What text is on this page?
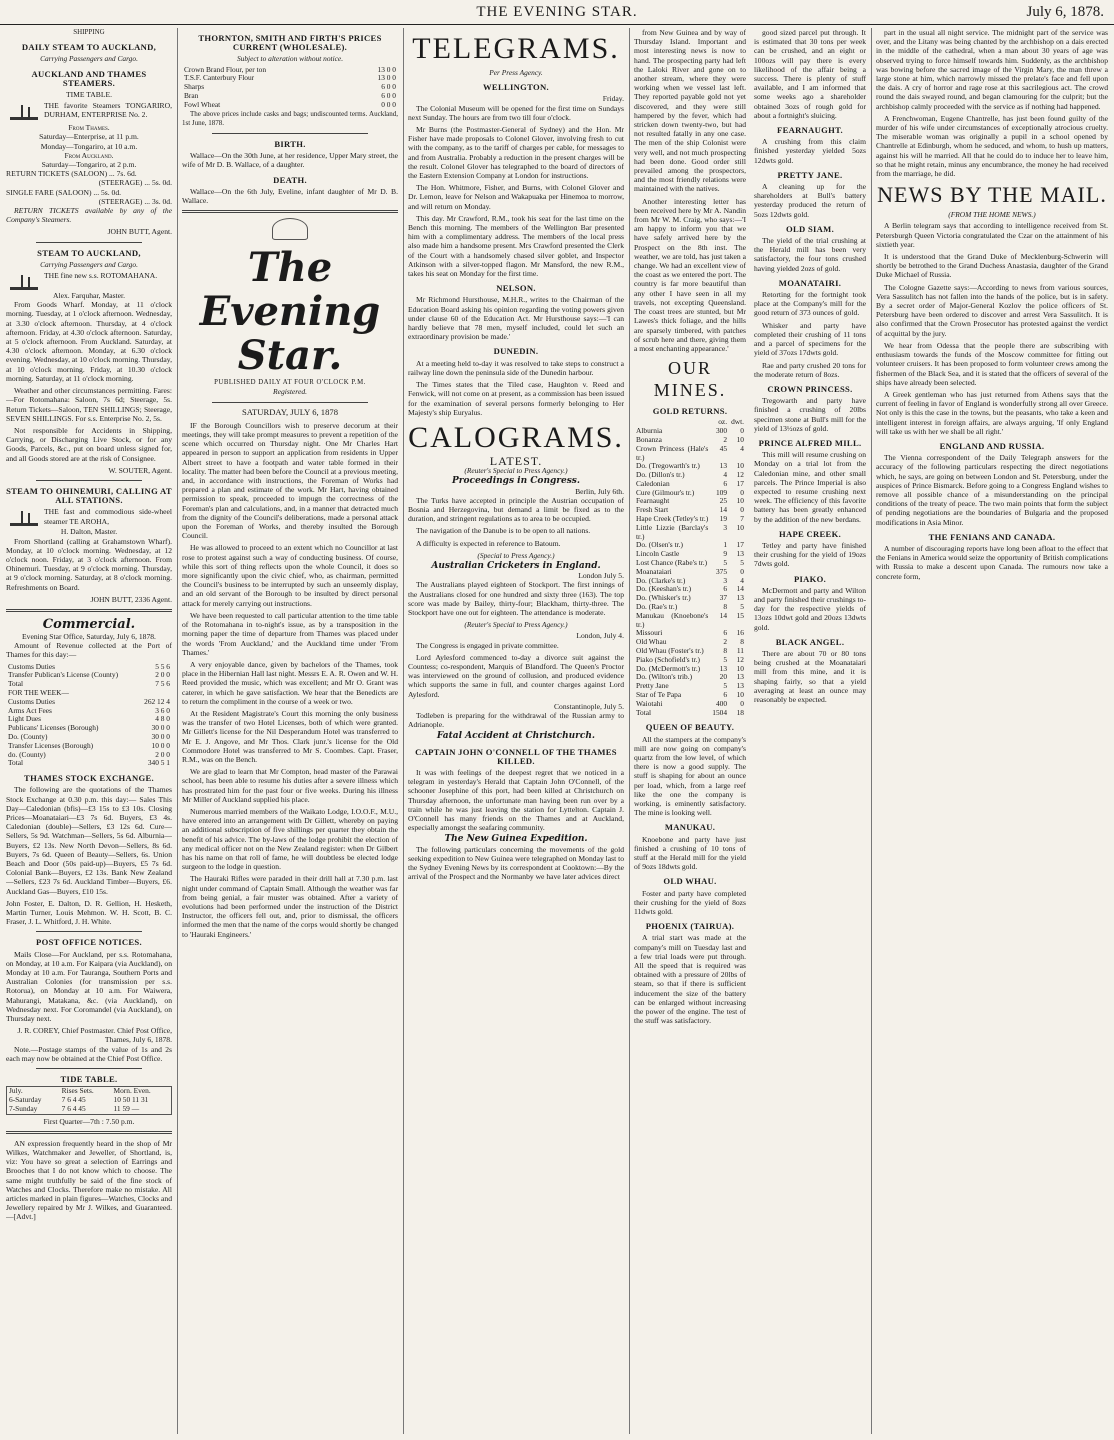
THE EVENING STAR.	July 6, 1878.
SHIPPING
DAILY STEAM TO AUCKLAND,
Carrying Passengers and Cargo.
AUCKLAND AND THAMES STEAMERS.
TIME TABLE.
THE favorite Steamers TONGARIRO, DURHAM, ENTERPRISE No. 2.
From Thames.
Saturday—Enterprise, at 11 p.m.
Monday—Tongariro, at 10 a.m.
From Auckland.
Saturday—Tongariro, at 2 p.m.
RETURN TICKETS (SALOON) ... 7s. 6d.
(STEERAGE) ... 5s. 0d.
SINGLE FARE (SALOON) ... 5s. 0d.
(STEERAGE) ... 3s. 0d.

RETURN TICKETS available by any of the Company's Steamers.

JOHN BUTT, Agent.
STEAM TO AUCKLAND,
Carrying Passengers and Cargo.
THE fine new s.s. ROTOMAHANA.
Alex. Farquhar, Master.

From Goods Wharf. Monday, at 11 o'clock morning. Tuesday, at 1 o'clock afternoon. Wednesday, at 3.30 o'clock afternoon. Thursday, at 4 o'clock afternoon. Friday, at 4.30 o'clock afternoon. Saturday, at 5 o'clock afternoon. From Auckland. Saturday, at 4.30 o'clock afternoon. Monday, at 6.30 o'clock evening. Wednesday, at 10 o'clock morning. Thursday, at 10 o'clock morning. Friday, at 10.30 o'clock morning. Saturday, at 11 o'clock morning.

Weather and other circumstances permitting. Fares:—For Rotomahana: Saloon, 7s 6d; Steerage, 5s. Return Tickets—Saloon, TEN SHILLINGS; Steerage, SEVEN SHILLINGS. For s.s. Enterprise No. 2, 5s.

Not responsible for Accidents in Shipping, Carrying, or Discharging Live Stock, or for any Goods, Parcels, &c., put on board unless signed for, and all Goods stored are at the risk of Consignee.

W. SOUTER, Agent.
STEAM TO OHINEMURI, CALLING AT ALL STATIONS.
THE fast and commodious side-wheel steamer TE AROHA,
H. Dalton, Master.

From Shortland (calling at Grahamstown Wharf). Monday, at 10 o'clock morning. Wednesday, at 12 o'clock noon. Friday, at 3 o'clock afternoon. From Ohinemuri. Tuesday, at 9 o'clock morning. Thursday, at 9 o'clock morning. Saturday, at 8 o'clock morning. Refreshments on Board.

JOHN BUTT, 2336 Agent.
Commercial.
Evening Star Office, Saturday, July 6, 1878.

Amount of Revenue collected at the Port of Thames for this day:—

Customs Duties	5 5 6
Transfer Publican's License (County)	2 0 0
Total	7 5 6
FOR THE WEEK—	
Customs Duties	262 12 4
Arms Act Fees	3 6 0
Light Dues	4 8 0
Publicans' Licenses (Borough)	30 0 0
Do. (County)	30 0 0
Transfer Licenses (Borough)	10 0 0
do. (County)	2 0 0
Total	340 5 1
THAMES STOCK EXCHANGE.

The following are the quotations of the Thames Stock Exchange at 0.30 p.m. this day:— Sales This Day—Caledonian (bfis)—£3 15s to £3 10s. Closing Prices—Moanataiari—£3 7s 6d. Buyers, £3 4s. Caledonian (double)—Sellers, £3 12s 6d. Cure—Sellers, 5s 9d. Watchman—Sellers, 5s 6d. Alburnia—Buyers, £2 13s. New North Devon—Sellers, 8s 6d. Buyers, 7s 6d. Queen of Beauty—Sellers, 6s. Union Beach and Door (50s paid-up)—Buyers, £5 7s 6d. Colonial Bank—Buyers, £2 13s. Bank New Zealand—Sellers, £23 7s 6d. Auckland Timber—Buyers, £6. Auckland Gas—Buyers, £10 15s.

John Foster, E. Dalton, D. R. Gellion, H. Hesketh, Martin Turner, Louis Mehmon. W. H. Scott, B. C. Fraser, J. L. Whitford, J. H. White.

POST OFFICE NOTICES.

Mails Close—For Auckland, per s.s. Rotomahana, on Monday, at 10 a.m. For Kaipara (via Auckland), on Monday at 10 a.m. For Tauranga, Southern Ports and Australian Colonies (for transmission per s.s. Rotorua), on Monday at 10 a.m. For Waiwera, Mahurangi, Matakana, &c. (via Auckland), on Wednesday next. For Coromandel (via Auckland), on Thursday next.

J. R. COREY, Chief Postmaster. Chief Post Office, Thames, July 6, 1878.

Note.—Postage stamps of the value of 1s and 2s each may now be obtained at the Chief Post Office.

TIDE TABLE.
July.	Rises Sets.	Morn. Even.
6-Saturday	7 6 4 45	10 50 11 31
7-Sunday	7 6 4 45	11 59 —
First Quarter—7th : 7.50 p.m.

AN expression frequently heard in the shop of Mr Wilkes, Watchmaker and Jeweller, of Shortland, is, viz: You have so great a selection of Earrings and Brooches that I do not know which to choose. The same might truthfully be said of the fine stock of Watches and Clocks. Therefore make no mistake. All articles marked in plain figures—Watches, Clocks and Jewellery repaired by Mr J. Wilkes, and Guaranteed.—[Advt.]

THORNTON, SMITH AND FIRTH'S PRICES CURRENT (WHOLESALE).
Subject to alteration without notice.
Crown Brand Flour, per ton	13 0 0
T.S.F. Canterbury Flour	13 0 0
Sharps	6 0 0
Bran	6 0 0
Fowl Wheat	0 0 0

The above prices include casks and bags; undiscounted terms. Auckland, 1st June, 1878.

BIRTH.

Wallace—On the 30th June, at her residence, Upper Mary street, the wife of Mr D. B. Wallace, of a daughter.

DEATH.

Wallace—On the 6th July, Eveline, infant daughter of Mr D. B. Wallace.

The Evening Star.
PUBLISHED DAILY AT FOUR O'CLOCK P.M.
Registered.
SATURDAY, JULY 6, 1878

IF the Borough Councillors wish to preserve decorum at their meetings, they will take prompt measures to prevent a repetition of the scene which occurred on Thursday night. One Mr Charles Hart appeared in person to support an application from residents in Upper Albert street to have a footpath and water table formed in their locality. The matter had been before the Council at a previous meeting, and, in accordance with instructions, the Foreman of Works had prepared a plan and estimate of the work. Mr Hart, having obtained permission to speak, proceeded to impugn the correctness of the Foreman's plan and calculations, and, in a manner that detracted much from the dignity of the Council's deliberations, made a personal attack upon the Foreman of Works, and thereby insulted the Borough Council.

He was allowed to proceed to an extent which no Councillor at last rose to protest against such a way of conducting business. Of course, while this sort of thing reflects upon the whole Council, it does so more significantly upon the civic chief, who, as chairman, permitted the Council's business to be interrupted by such an unseemly display, and an old servant of the Borough to be insulted by direct personal attack for merely carrying out instructions.

We have been requested to call particular attention to the time table of the Rotomahana in to-night's issue, as by a transposition in the morning paper the time of departure from Thames was placed under the words 'From Auckland,' and the Auckland time under 'From Thames.'

A very enjoyable dance, given by bachelors of the Thames, took place in the Hibernian Hall last night. Messrs E. A. R. Owen and W. H. Reed provided the music, which was excellent; and Mr O. Grant was caterer, in which he gave satisfaction. We hear that the Benedicts are to return the compliment in the course of a week or two.

At the Resident Magistrate's Court this morning the only business was the transfer of two Hotel Licenses, both of which were granted. Mr Gillett's license for the Nil Desperandum Hotel was transferred to Mr E. J. Angove, and Mr Thos. Clark junr.'s license for the Old Commodore Hotel was transferred to Mr S. Coombes. Capt. Fraser, R.M., was on the Bench.

We are glad to learn that Mr Compton, head master of the Parawai school, has been able to resume his duties after a severe illness which has prostrated him for the past four or five weeks. During his illness Mr Miller of Auckland supplied his place.

Numerous married members of the Waikato Lodge, I.O.O.F., M.U., have entered into an arrangement with Dr Gillett, whereby on paying an additional subscription of five shillings per quarter they obtain the benefit of his advice. The by-laws of the lodge prohibit the election of any medical officer not on the New Zealand register: when Dr Gilbert has his name on that roll of fame, he will doubtless be elected lodge surgeon to the lodge in question.

The Hauraki Rifles were paraded in their drill hall at 7.30 p.m. last night under command of Captain Small. Although the weather was far from being genial, a fair muster was obtained. After a variety of evolutions had been performed under the instruction of the District Instructor, the officers fell out, and, prior to dismissal, the officers informed the men that the name of the corps would shortly be changed to 'Hauraki Engineers.'

TELEGRAMS.
Per Press Agency.
WELLINGTON.
Friday.

The Colonial Museum will be opened for the first time on Sundays next Sunday. The hours are from two till four o'clock.

Mr Burns (the Postmaster-General of Sydney) and the Hon. Mr Fisher have made proposals to Colonel Glover, involving fresh to cut with the company, as to the tariff of charges per cable, for messages to and from Australia. Probably a reduction in the present charges will be the result. Colonel Glover has telegraphed to the board of directors of the Eastern Extension Company at London for instructions.

The Hon. Whitmore, Fisher, and Burns, with Colonel Glover and Dr. Lemon, leave for Nelson and Wakapuaka per Hinemoa to morrow, and will return on Monday.

This day. Mr Crawford, R.M., took his seat for the last time on the Bench this morning. The members of the Wellington Bar presented him with a complimentary address. The members of the local press also made him a handsome present. Mrs Crawford presented the Clerk of the Court with a handsomely chased silver goblet, and Inspector Atkinson with a silver-topped flagon. Mr Mansford, the new R.M., takes his seat on Monday for the first time.

NELSON.

Mr Richmond Hursthouse, M.H.R., writes to the Chairman of the Education Board asking his opinion regarding the voting powers given under clause 60 of the Education Act. Mr Hursthouse says:—'I can hardly believe that 78 men, myself included, could let such an extraordinary provision be made.'

DUNEDIN.

At a meeting held to-day it was resolved to take steps to construct a railway line down the peninsula side of the Dunedin harbour.

The Times states that the Tiled case, Haughton v. Reed and Fenwick, will not come on at present, as a commission has been issued for the examination of several persons formerly belonging to Her Majesty's ship Euryalus.

CALOGRAMS.
LATEST.
(Reuter's Special to Press Agency.)
Proceedings in Congress.
Berlin, July 6th.

The Turks have accepted in principle the Austrian occupation of Bosnia and Herzegovina, but demand a limit be fixed as to the duration, and stringent regulations as to area to be occupied.

The navigation of the Danube is to be open to all nations.

A difficulty is expected in reference to Batoum.

(Special to Press Agency.)
Australian Cricketers in England.
London July 5.

The Australians played eighteen of Stockport. The first innings of the Australians closed for one hundred and sixty three (163). The top score was made by Bailey, thirty-four; Blackham, thirty-three. The Stockport have one out for eighteen. The attendance is moderate.

(Reuter's Special to Press Agency.)
London, July 4.

The Congress is engaged in private committee.

Lord Aylesford commenced to-day a divorce suit against the Countess; co-respondent, Marquis of Blandford. The Queen's Proctor was interviewed on the ground of collusion, and produced evidence which supports the same in full, and counter charges against Lord Aylesford.

Constantinople, July 5.

Todleben is preparing for the withdrawal of the Russian army to Adrianople.

Fatal Accident at Christchurch.
CAPTAIN JOHN O'CONNELL OF THE THAMES KILLED.

It was with feelings of the deepest regret that we noticed in a telegram in yesterday's Herald that Captain John O'Connell, of the schooner Josephine of this port, had been killed at Christchurch on Thursday afternoon, the unfortunate man having been run over by a train while he was just leaving the station for Lyttelton. Captain J. O'Connell has many friends on the Thames and at Auckland, especially amongst the seafaring community.

The New Guinea Expedition.

The following particulars concerning the movements of the gold seeking expedition to New Guinea were telegraphed on Monday last to the Sydney Evening News by its correspondent at Cooktown:—By the arrival of the Prospect and the Normanby we have later advices direct

from New Guinea and by way of Thursday Island. Important and most interesting news is now to hand. The prospecting party had left the Laloki River and gone on to another stream, where they were working when we vessel last left. They reported payable gold not yet discovered, and they were still hampered by the fever, which had stricken down twenty-two, but had not resulted fatally in any one case. The men of the ship Colonist were very well, and not much prospecting had been done. Good order still prevailed among the prospectors, and the most friendly relations were maintained with the natives.

Another interesting letter has been received here by Mr A. Nandin from Mr W. M. Craig, who says:—'I am happy to inform you that we have safely arrived here by the Prospect on the 8th inst. The weather, we are told, has just taken a change. We had an excellent view of the coast as we entered the port. The country is far more beautiful than any other I have seen in all my travels, not excepting Queensland. The coast trees are stunted, but Mr Lawes's thick foliage, and the hills are sparsely timbered, with patches of scrub here and there, giving them a most enchanting appearance.'

OUR MINES.
GOLD RETURNS.
	oz.	dwt.
Alburnia	300	0
Bonanza	2	10
Crown Princess (Hale's tr.)	45	4
Do. (Tregowarth's tr.)	13	10
Do. (Dillon's tr.)	4	12
Caledonian	6	17
Cure (Gilmour's tr.)	109	0
Fearnaught	25	10
Fresh Start	14	0
Hape Creek (Tetley's tr.)	19	7
Little Lizzie (Barclay's tr.)	3	10
Do. (Olsen's tr.)	1	17
Lincoln Castle	9	13
Lost Chance (Rabe's tr.)	5	5
Moanataiari	375	0
Do. (Clarke's tr.)	3	4
Do. (Keeshan's tr.)	6	14
Do. (Whisker's tr.)	37	13
Do. (Rae's tr.)	8	5
Manukau (Knoebone's tr.)	14	15
Missouri	6	16
Old Whau	2	8
Old Whau (Foster's tr.)	8	11
Piako (Schofield's tr.)	5	12
Do. (McDermott's tr.)	13	10
Do. (Wilton's trib.)	20	13
Pretty Jane	5	13
Star of Te Papa	6	10
Waiotahi	400	0
Total	1504	18
QUEEN OF BEAUTY.

All the stampers at the company's mill are now going on company's quartz from the low level, of which there is now a good supply. The stuff is shaping for about an ounce per load, which, from a large reef like the one the company is working, is eminently satisfactory. The mine is looking well.

MANUKAU.

Knoebone and party have just finished a crushing of 10 tons of stuff at the Herald mill for the yield of 9ozs 18dwts gold.

OLD WHAU.

Foster and party have completed their crushing for the yield of 8ozs 11dwts gold.

PHOENIX (TAIRUA).

A trial start was made at the company's mill on Tuesday last and a few trial loads were put through. All the speed that is required was obtained with a pressure of 20lbs of steam, so that if there is sufficient inducement the size of the battery can be enlarged without increasing the power of the engine. The test of the stuff was satisfactory.

good sized parcel put through. It is estimated that 30 tons per week can be crushed, and an eight or 100ozs will pay there is every likelihood of the affair being a success. There is plenty of stuff available, and I am informed that some weeks ago a shareholder obtained 3ozs of rough gold for about a fortnight's sluicing.

FEARNAUGHT.

A crushing from this claim finished yesterday yielded 5ozs 12dwts gold.

PRETTY JANE.

A cleaning up for the shareholders at Bull's battery yesterday produced the return of 5ozs 12dwts gold.

OLD SIAM.

The yield of the trial crushing at the Herald mill has been very satisfactory, the four tons crushed having yielded 2ozs of gold.

MOANATAIRI.

Retorting for the fortnight took place at the Company's mill for the good return of 373 ounces of gold.

Whisker and party have completed their crushing of 11 tons and a parcel of specimens for the yield of 37ozs 17dwts gold.

Rae and party crushed 20 tons for the moderate return of 8ozs.

CROWN PRINCESS.

Tregowarth and party have finished a crushing of 20lbs specimen stone at Bull's mill for the yield of 13½ozs of gold.

PRINCE ALFRED MILL.

This mill will resume crushing on Monday on a trial lot from the Caledonian mine, and other small parcels. The Prince Imperial is also expected to resume crushing next week. The efficiency of this favorite battery has been greatly enhanced by the addition of the new berdans.

HAPE CREEK.

Tetley and party have finished their crushing for the yield of 19ozs 7dwts gold.

PIAKO.

McDermott and party and Wilton and party finished their crushings to-day for the respective yields of 13ozs 10dwt gold and 20ozs 13dwts gold.

BLACK ANGEL.

There are about 70 or 80 tons being crushed at the Moanataiari mill from this mine, and it is shaping fairly, so that a yield averaging at least an ounce may reasonably be expected.

part in the usual all night service. The midnight part of the service was over, and the Litany was being chanted by the archbishop on a dais erected in the middle of the cathedral, when a man about 30 years of age was observed trying to force himself towards him. Suddenly, as the archbishop was bowing before the sacred image of the Virgin Mary, the man threw a large stone at him, which narrowly missed the prelate's face and fell upon the dais. A cry of horror and rage rose at this sacrilegious act. The crowd round the dais swayed round, and began clamouring for the culprit; but the archbishop calmly proceeded with the service as if nothing had happened.

A Frenchwoman, Eugene Chantrelle, has just been found guilty of the murder of his wife under circumstances of exceptionally atrocious cruelty. The miserable woman was originally a pupil in a school opened by Chantrelle at Edinburgh, whom he seduced, and whom, to hush up matters, against his will he married. All that he could do to induce her to leave him, so that he might retain, minus any encumbrance, the money he had received from the marriage, he did.

NEWS BY THE MAIL.
(FROM THE HOME NEWS.)

A Berlin telegram says that according to intelligence received from St. Petersburgh Queen Victoria congratulated the Czar on the attainment of his sixtieth year.

It is understood that the Grand Duke of Mecklenburg-Schwerin will shortly be betrothed to the Grand Duchess Anastasia, daughter of the Grand Duke Michael of Russia.

The Cologne Gazette says:—According to news from various sources, Vera Sassulitch has not fallen into the hands of the police, but is in safety. By a secret order of Major-General Kozlov the police officers of St. Petersburg have been ordered to discover and arrest Vera Sassulitch. It is also confirmed that the Crown Prosecutor has protested against the verdict of acquittal by the jury.

We hear from Odessa that the people there are subscribing with enthusiasm towards the funds of the Moscow committee for fitting out volunteer cruisers. It has been proposed to form volunteer crews among the fishermen of the Black Sea, and it is stated that the officers of several of the ships have already been selected.

A Greek gentleman who has just returned from Athens says that the current of feeling in favor of England is wonderfully strong all over Greece. Not only is this the case in the towns, but the peasants, who take a keen and intelligent interest in foreign affairs, are always arguing, 'If only England will take us with her we shall be all right.'

ENGLAND AND RUSSIA.

The Vienna correspondent of the Daily Telegraph answers for the accuracy of the following particulars respecting the direct negotiations which, he says, are going on between London and St. Petersburg, under the auspices of Prince Bismarck. Before going to a Congress England wishes to remove all possible chance of a misunderstanding on the principal conditions of the treaty of peace. The two main points that form the subject of pending negotiations are the boundaries of Bulgaria and the proposed modifications in Asia Minor.

THE FENIANS AND CANADA.

A number of discouraging reports have long been afloat to the effect that the Fenians in America would seize the opportunity of British complications with Russia to make a descent upon Canada. The rumours now take a concrete form,
